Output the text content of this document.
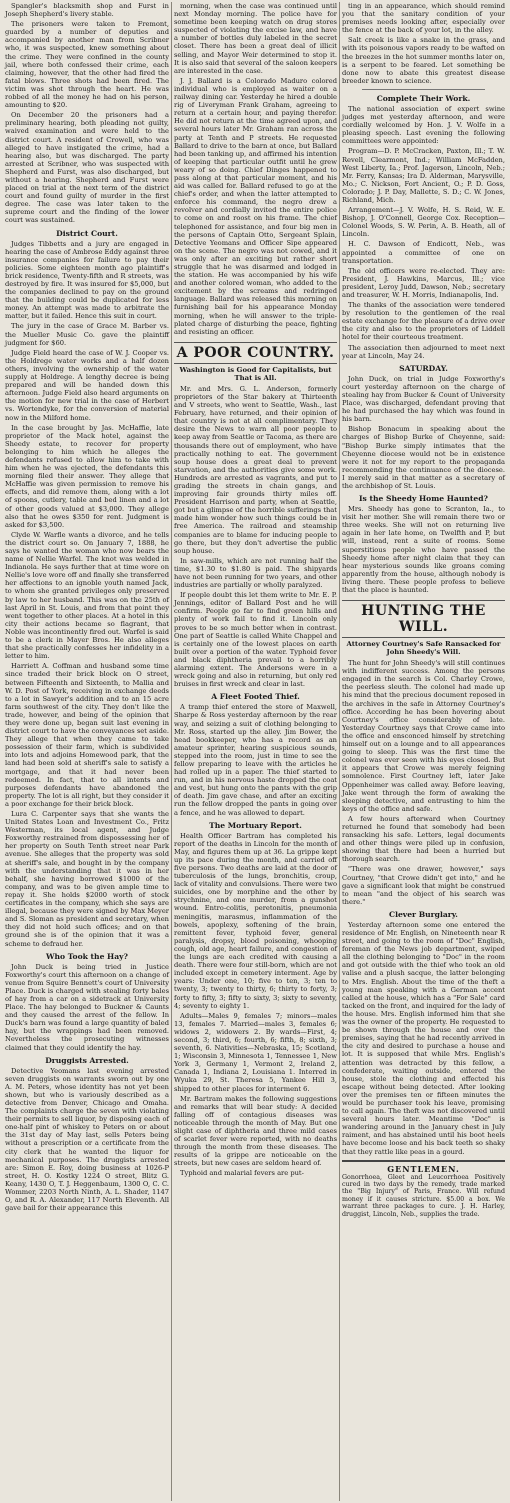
Spangler's blacksmith shop and Furst in Joseph Shepherd's livery stable.

The prisoners were taken to Fremont, guarded by a number of deputies and accompanied by another man from Scribner who, it was suspected, knew something about the crime. They were confined in the county jail, where both confessed their crime, each claiming, however, that the other had fired the fatal blows. Three shots had been fired. The victim was shot through the heart. He was robbed of all the money he had on his person, amounting to $20.

On December 20 the prisoners had a preliminary hearing, both pleading not guilty, waived examination and were held to the district court. A resident of Crowell, who was alleged to have instigated the crime, had a hearing also, but was discharged. The party arrested at Scribner, who was suspected with Shepherd and Furst, was also discharged, but without a hearing. Shepherd and Furst were placed on trial at the next term of the district court and found guilty of murder in the first degree. The case was later taken to the supreme court and the finding of the lower court was sustained.

District Court.

Judges Tibbetts and a jury are engaged in hearing the case of Ambrose Eddy against three insurance companies for failure to pay their policies. Some eighteen month ago plaintiff's brick residence, Twenty-fifth and R streets, was destroyed by fire. It was insured for $5,000, but the companies declined to pay on the ground that the building could be duplicated for less money. An attempt was made to arbitrate the matter, but it failed. Hence this suit in court.

The jury in the case of Grace M. Barber vs. the Mueller Music Co. gave the plaintiff judgment for $60.

Judge Field heard the case of W. J. Cooper vs. the Holdrege water works and a half dozen others, involving the ownership of the water supply at Holdrege. A lengthy decree is being prepared and will be handed down this afternoon. Judge Field also heard arguments on the motion for new trial in the case of Herbert vs. Wortendyke, for the conversion of material now in the Milford home.

In the case brought by Jas. McHaffie, late proprietor of the Mack hotel, against the Sheedy estate, to recover for property belonging to him which he alleges the defendants refused to allow him to take with him when he was ejected, the defendants this morning filed their answer. They allege that McHaffie was given permission to remove his effects, and did remove them, along with a lot of spoons, cutlery, table and bed linen and a lot of other goods valued at $3,000. They allege also that he owes $350 for rent. Judgment is asked for $3,500.

Clyde W. Warfle wants a divorce, and he tells the district court so. On January 7, 1888, he says he wanted the woman who now bears the name of Nellie Warfel. The knot was welded in Indianola. He says further that at time wore on Nellie's love wore off and finally she transferred her affections to an ignoble youth named Jack, to whom she granted privileges only preserved by law to her husband. This was on the 25th of last April in St. Louis, and from that point they went together to other places. At a hotel in this city their actions became so flagrant, that Noble was incontinently fired out. Warfel is said to be a clerk in Mayer Bros. He also alleges that she practically confesses her infidelity in a letter to him.

Harriett A. Coffman and husband some time since traded their brick block on O street, between Fifteenth and Sixteenth, to Mallia and W. D. Post of York, receiving in exchange deeds to a lot in Sawyer's addition and to an 15 acre farm southwest of the city. They don't like the trade, however, and being of the opinion that they were done up, began suit last evening in district court to have the conveyances set aside. They allege that when they came to take possession of their farm, which is subdivided into lots and adjoins Homewood park, that the land had been sold at sheriff's sale to satisfy a mortgage, and that it had never been redeemed. In fact, that to all intents and purposes defendants have abandoned the property. The lot is all right, but they consider it a poor exchange for their brick block.

Lura C. Carpenter says that she wants the United States Loan and Investment Co., Fritz Westerman, its local agent, and Judge Foxworthy restrained from dispossessing her of her property on South Tenth street near Park avenue. She alleges that the property was sold at sheriff's sale, and bought in by the company with the understanding that it was in her behalf, she having borrowed $1000 of the company, and was to be given ample time to repay it. She holds $2000 worth of stock certificates in the company, which she says are illegal, because they were signed by Max Meyer and S. Sloman as president and secretary, when they did not hold such offices; and on that ground she is of the opinion that it was a scheme to defraud her.

Who Took the Hay?

John Duck is being tried in Justice Foxworthy's court this afternoon on a change of venue from Squire Bennett's court of University Place. Duck is charged with stealing forty bales of hay from a car on a sidetrack at University Place. The hay belonged to Buckner & Caunts and they caused the arrest of the fellow. In Duck's barn was found a large quantity of baled hay, but the wrappings had been removed. Nevertheless the prosecuting witnesses claimed that they could identify the hay.

Druggists Arrested.

Detective Yeomans last evening arrested seven druggists on warrants sworn out by one A. M. Peters, whose identity has not yet been shown, but who is variously described as a detective from Denver, Chicago and Omaha. The complaints charge the seven with violating their permits to sell liquor, by disposing each of one-half pint of whiskey to Peters on or about the 31st day of May last, sells Peters being without a prescription or a certificate from the city clerk that he wanted the liquor for mechanical purposes. The druggists arrested are: Simon E. Roy, doing business at 1026-P street, H. O. Kostky 1224 O street, Blitz G. Keany, 1430 O, T. J. Heggenbaum, 1300 O, C. C. Wommer, 2203 North Ninth, A. L. Shader, 1147 O, and R. A. Alexander, 117 North Eleventh. All gave bail for their appearance this

morning, when the case was continued until next Monday morning. The police have for sometime been keeping watch on drug stores suspected of violating the excise law, and have a number of bottles duly labeled in the secret closet. There has been a great deal of illicit selling, and Mayor Weir determined to stop it. It is also said that several of the saloon keepers are interested in the case.

J. J. Ballard is a Colorado Maduro colored individual who is employed as waiter on a railway dining car. Yesterday he hired a double rig of Liveryman Frank Graham, agreeing to return at a certain hour, and paying therefor. He did not return at the time agreed upon, and several hours later Mr. Graham ran across the party at Tenth and P streets. He requested Ballard to drive to the barn at once, but Ballard had been tanking up, and affirmed his intention of keeping that particular outfit until he grew weary of so doing. Chief Dinges happened to pass along at that particular moment, and his aid was called for. Ballard refused to go at the chief's order, and when the latter attempted to enforce his command, the negro drew a revolver and cordially invited the entire police to come on and roost on his frame. The chief telephoned for assistance, and four big men in the persons of Captain Otto, Sergeant Splain, Detective Yeomans and Officer Sipe appeared on the scene. The negro was not cowed, and it was only after an exciting but rather short struggle that he was disarmed and lodged in the station. He was accompanied by his wife and another colored woman, who added to the excitement by the screams and redringed language. Ballard was released this morning on furnishing bail for his appearance Monday morning, when he will answer to the triple-plated charge of disturbing the peace, fighting and resisting an officer.

A POOR COUNTRY.
Washington is Good for Capitalists, but That is All.

Mr. and Mrs. G. L. Anderson, formerly proprietors of the Star bakery at Thirteenth and V streets, who went to Seattle, Wash., last February, have returned, and their opinion of that country is not at all complimentary. They desire the News to warn all poor people to keep away from Seattle or Tacoma, as there are thousands there out of employment, who have practically nothing to eat. The government soup house does a great deal to prevent starvation, and the authorities give some work. Hundreds are arrested as vagrants, and put to grading the streets in chain gangs, and improving fair grounds thirty miles off. President Harrison and party, when at Seattle, got but a glimpse of the horrible sufferings that made him wonder how such things could be in free America. The railroad and steamship companies are to blame for inducing people to go there, but they don't advertise the public soup house.

In saw-mills, which are not running half the time, $1.30 to $1.80 is paid. The shipyards have not been running for two years, and other industries are partially or wholly paralyzed.

If people doubt this let them write to Mr. E. P. Jennings, editor of Ballard Post and he will confirm. People go far to find green hills and plenty of work fail to find it. Lincoln only proves to be so much better when in contrast. One part of Seattle is called White Chappel and is certainly one of the lowest places on earth built over a portion of the water. Typhoid fever and black diphtheria prevail to a horribly alarming extent. The Andersons were in a wreck going and also in returning, but only red bruises in first wreck and clear in last.

A Fleet Footed Thief.

A tramp thief entered the store of Maxwell, Sharpe & Ross yesterday afternoon by the rear way, and seizing a suit of clothing belonging to Mr. Ross, started up the alley. Jim Bower, the head bookkeeper, who has a record as an amateur sprinter, hearing suspicious sounds, stepped into the room, just in time to see the fellow preparing to leave with the articles he had rolled up in a paper. The thief started to run, and in his nervous haste dropped the coat and vest, but hung onto the pants with the grip of death. Jim gave chase, and after an exciting run the fellow dropped the pants in going over a fence, and he was allowed to depart.

The Mortuary Report.

Health Officer Bartram has completed his report of the deaths in Lincoln for the month of May, and figures them up at 36. La grippe kept up its pace during the month, and carried off five persons. Two deaths are laid at the door of tuberculosis of the lungs, bronchitis, croup, lack of vitality and convulsions. There were two suicides, one by morphine and the other by strychnine, and one murder, from a gunshot wound. Entro-colitis, peretonitis, pneumonia meningitis, marasmus, inflammation of the bowels, apoplexy, softening of the brain, remittent fever, typhoid fever, general paralysis, dropsy, blood poisoning, whooping cough, old age, heart failure, and congestion of the lungs are each credited with causing a death. There were four still-born, which are not included except in cemetery interment. Age by years: Under one, 10; five to ten, 3; ten to twenty, 3; twenty to thirty, 6; thirty to forty, 3; forty to fifty, 3; fifty to sixty, 3; sixty to seventy, 4; seventy to eighty 1.

Adults—Males 9, females 7; minors—males 13, females 7. Married—males 3, females 6; widows 2, widowers 2. By wards—First, 4; second, 3; third, 6; fourth, 6; fifth, 8; sixth, 3; seventh, 6. Nativities—Nebraska, 15; Scotland, 1; Wisconsin 3, Minnesota 1, Tennessee 1, New York 3, Germany 1, Vermont 2, Ireland 2, Canada 1, Indiana 2, Louisiana 1. Interred in Wyuka 29, St. Theresa 5, Yankee Hill 3, shipped to other places for interment 6.

Mr. Bartram makes the following suggestions and remarks that will bear study: A decided falling off of contagious diseases was noticeable through the month of May. But one slight case of diphtheria and three mild cases of scarlet fever were reported, with no deaths through the month from these diseases. The results of la grippe are noticeable on the streets, but new cases are seldom heard of.

Typhoid and malarial fevers are put-

ting in an appearance, which should remind you that the sanitary condition of your premises needs looking after, especially over the fence at the back of your lot, in the alley.

Salt creek is like a snake in the grass, and with its poisonous vapors ready to be wafted on the breezes in the hot summer months later on, is a serpent to be feared. Let something be done now to abate this greatest disease breeder known to science.

Complete Their Work.

The national association of expert swine judges met yesterday afternoon, and were cordially welcomed by Hon. J. V. Wolfe in a pleasing speech. Last evening the following committees were appointed:

Program—D. P. McCracken, Paxton, Ill.; T. W. Revell, Clearmont, Ind.; William McFadden, West Liberty, Ia.; Prof. Jagerson, Lincoln, Neb.; Mr. Ferry, Kansas; Ira D. Alderman, Marysville, Mo.; C. Nickson, Fort Ancient, O.; P. D. Goss, Colorado; J. P. Day, Mallette, S. D.; C. W. Jones, Richland, Mich.

Arrangement—J. V. Wolfe, H. S. Reid, W. E. Bishop, J. O'Connell, George Cox. Reception—Colonel Woods, S. W. Perin, A. B. Heath, all of Lincoln.

H. C. Dawson of Endicott, Neb., was appointed a committee of one on transportation.

The old officers were re-elected. They are: President, J. Hawkins, Marcus, Ill.; vice president, Leroy Judd, Dawson, Neb.; secretary and treasurer, W. H. Morris, Indianapolis, Ind.

The thanks of the association were tendered by resolution to the gentlemen of the real estate exchange for the pleasure of a drive over the city and also to the proprietors of Liddell hotel for their courteous treatment.

The association then adjourned to meet next year at Lincoln, May 24.

SATURDAY.

John Duck, on trial in Judge Foxworthy's court yesterday afternoon on the charge of stealing hay from Bucker & Count of University Place, was discharged, defendant proving that he had purchased the hay which was found in his barn.

Bishop Bonacum in speaking about the charges of Bishop Burke of Cheyenne, said: "Bishop Burke simply intimates that the Cheyenne diocese would not be in existence were it not for my report to the propaganda recommending the continuance of the diocese. I merely said in that matter as a secretary of the archbishop of St. Louis.

Is the Sheedy Home Haunted?

Mrs. Sheedy has gone to Scranton, Ia., to visit her mother. She will remain there two or three weeks. She will not on returning live again in her late home, on Twelfth and P, but will, instead, rent a suite of rooms. Some superstitious people who have passed the Sheedy home after night claim that they can hear mysterious sounds like groans coming apparently from the house, although nobody is living there. These people profess to believe that the place is haunted.

HUNTING THE WILL.
Attorney Courtney's Safe Ransacked for John Sheedy's Will.

The hunt for John Sheedy's will still continues with indifferent success. Among the persons engaged in the search is Col. Charley Crowe, the peerless sleuth. The colonel had made up his mind that the precious document reposed in the archives in the safe in Attorney Courtney's office. According he has been hovering about Courtney's office considerably of late. Yesterday Courtney says that Crowe came into the office and ensconced himself by stretching himself out on a lounge and to all appearances going to sleep. This was the first time the colonel was ever seen with his eyes closed. But it appears that Crowe was merely feigning somnolence. First Courtney left, later Jake Oppenheimer was called away. Before leaving, Jake went through the form of awaking the sleeping detective, and entrusting to him the keys of the office and safe.

A few hours afterward when Courtney returned he found that somebody had been ransacking his safe. Letters, legal documents and other things were piled up in confusion, showing that there had been a hurried but thorough search.

"There was one drawer, however," says Courtney, "that Crowe didn't get into," and he gave a significant look that might be construed to mean "and the object of his search was there."

Clever Burglary.

Yesterday afternoon some one entered the residence of Mr. English, on Nineteenth near R street, and going to the room of "Doc" English, foreman of the News job department, swiped all the clothing belonging to "Doc" in the room and got outside with the thief who took an old valise and a plush sacque, the latter belonging to Mrs. English. About the time of the theft a young man speaking with a German accent called at the house, which has a "For Sale" card tacked on the front, and inquired for the lady of the house. Mrs. English informed him that she was the owner of the property. He requested to be shown through the house and over the premises, saying that he had recently arrived in the city and desired to purchase a house and lot. It is supposed that while Mrs. English's attention was detracted by this fellow, a confederate, waiting outside, entered the house, stole the clothing and effected his escape without being detected. After looking over the premises ten or fifteen minutes the would be purchaser took his leave, promising to call again. The theft was not discovered until several hours later. Meantime "Doc" is wandering around in the January chest in July raiment, and has abstained until his boot heels have become loose and his back teeth so shaky that they rattle like peas in a gourd.

GENTLEMEN.
Gonorrhoea, Gleet and Leucorrhoea Positively cured in two days by the remedy, trade marked the "Big Injury" of Paris, France. Will refund money if it causes stricture. $5.00 a box. We warrant three packages to cure. J. H. Harley, druggist, Lincoln, Neb., supplies the trade.
